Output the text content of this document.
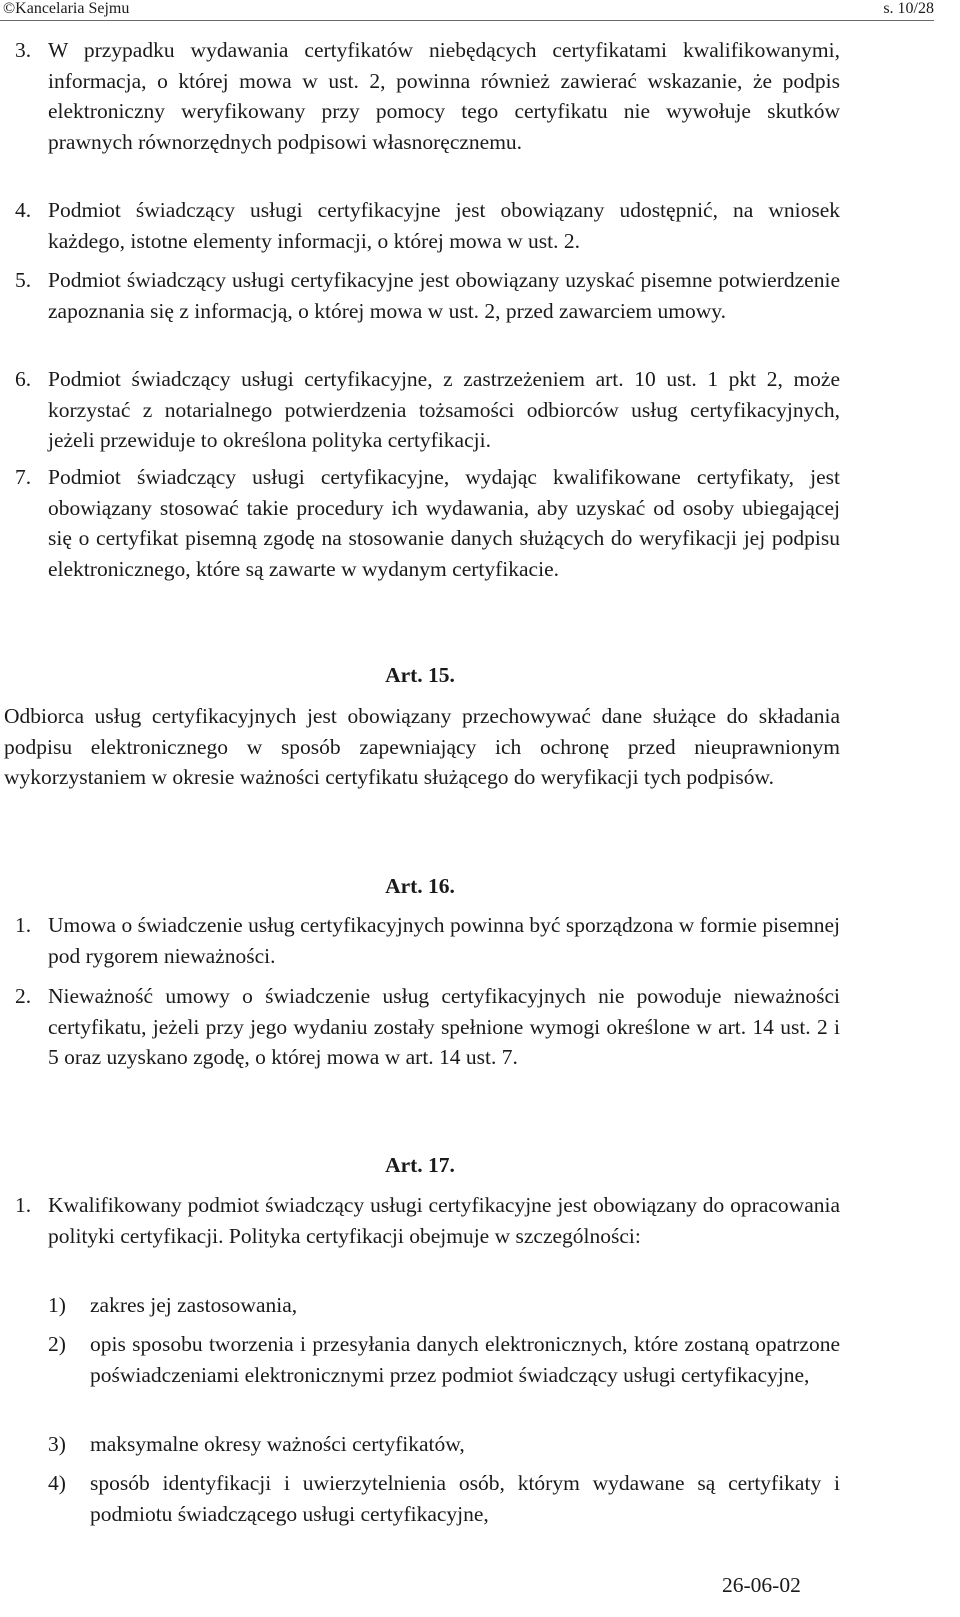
©Kancelaria Sejmu	s. 10/28

3. W przypadku wydawania certyfikatów niebędących certyfikatami kwalifikowanymi, informacja, o której mowa w ust. 2, powinna również zawierać wskazanie, że podpis elektroniczny weryfikowany przy pomocy tego certyfikatu nie wywołuje skutków prawnych równorzędnych podpisowi własnoręcznemu.

4. Podmiot świadczący usługi certyfikacyjne jest obowiązany udostępnić, na wniosek każdego, istotne elementy informacji, o której mowa w ust. 2.

5. Podmiot świadczący usługi certyfikacyjne jest obowiązany uzyskać pisemne potwierdzenie zapoznania się z informacją, o której mowa w ust. 2, przed zawarciem umowy.

6. Podmiot świadczący usługi certyfikacyjne, z zastrzeżeniem art. 10 ust. 1 pkt 2, może korzystać z notarialnego potwierdzenia tożsamości odbiorców usług certyfikacyjnych, jeżeli przewiduje to określona polityka certyfikacji.

7. Podmiot świadczący usługi certyfikacyjne, wydając kwalifikowane certyfikaty, jest obowiązany stosować takie procedury ich wydawania, aby uzyskać od osoby ubiegającej się o certyfikat pisemną zgodę na stosowanie danych służących do weryfikacji jej podpisu elektronicznego, które są zawarte w wydanym certyfikacie.

Art. 15.

Odbiorca usług certyfikacyjnych jest obowiązany przechowywać dane służące do składania podpisu elektronicznego w sposób zapewniający ich ochronę przed nieuprawnionym wykorzystaniem w okresie ważności certyfikatu służącego do weryfikacji tych podpisów.

Art. 16.

1. Umowa o świadczenie usług certyfikacyjnych powinna być sporządzona w formie pisemnej pod rygorem nieważności.

2. Nieważność umowy o świadczenie usług certyfikacyjnych nie powoduje nieważności certyfikatu, jeżeli przy jego wydaniu zostały spełnione wymogi określone w art. 14 ust. 2 i 5 oraz uzyskano zgodę, o której mowa w art. 14 ust. 7.

Art. 17.

1. Kwalifikowany podmiot świadczący usługi certyfikacyjne jest obowiązany do opracowania polityki certyfikacji. Polityka certyfikacji obejmuje w szczególności:

1) zakres jej zastosowania,

2) opis sposobu tworzenia i przesyłania danych elektronicznych, które zostaną opatrzone poświadczeniami elektronicznymi przez podmiot świadczący usługi certyfikacyjne,

3) maksymalne okresy ważności certyfikatów,

4) sposób identyfikacji i uwierzytelnienia osób, którym wydawane są certyfikaty i podmiotu świadczącego usługi certyfikacyjne,

26-06-02
